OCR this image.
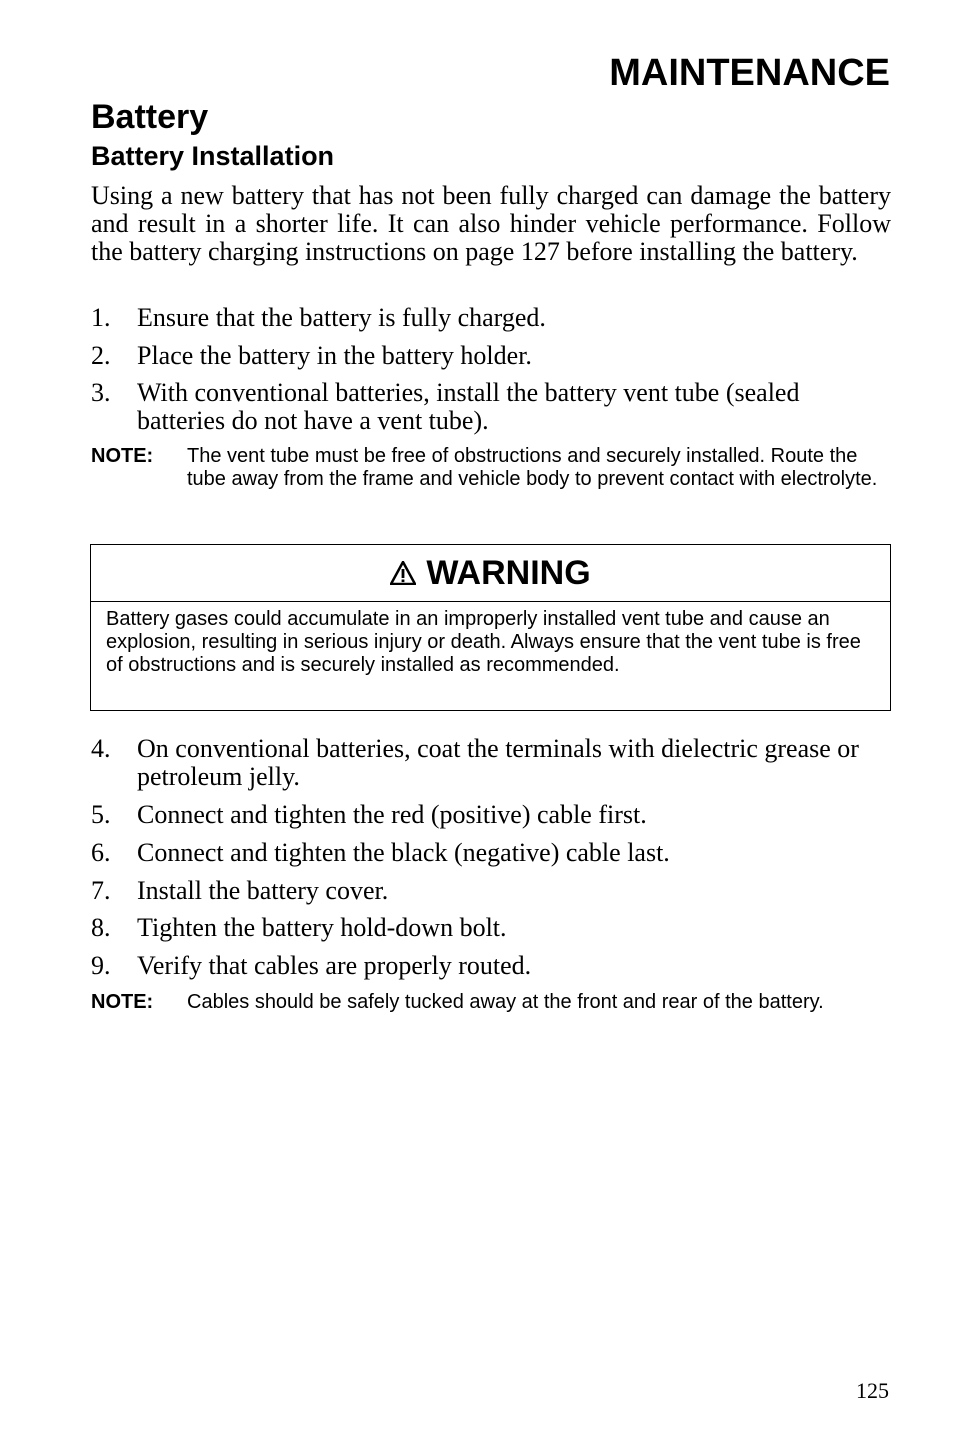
MAINTENANCE
Battery
Battery Installation
Using a new battery that has not been fully charged can damage the battery and result in a shorter life. It can also hinder vehicle performance. Follow the battery charging instructions on page 127 before installing the battery.
1. Ensure that the battery is fully charged.
2. Place the battery in the battery holder.
3. With conventional batteries, install the battery vent tube (sealed batteries do not have a vent tube).
NOTE: The vent tube must be free of obstructions and securely installed. Route the tube away from the frame and vehicle body to prevent contact with electrolyte.
WARNING
Battery gases could accumulate in an improperly installed vent tube and cause an explosion, resulting in serious injury or death. Always ensure that the vent tube is free of obstructions and is securely installed as recommended.
4. On conventional batteries, coat the terminals with dielectric grease or petroleum jelly.
5. Connect and tighten the red (positive) cable first.
6. Connect and tighten the black (negative) cable last.
7. Install the battery cover.
8. Tighten the battery hold-down bolt.
9. Verify that cables are properly routed.
NOTE: Cables should be safely tucked away at the front and rear of the battery.
125
